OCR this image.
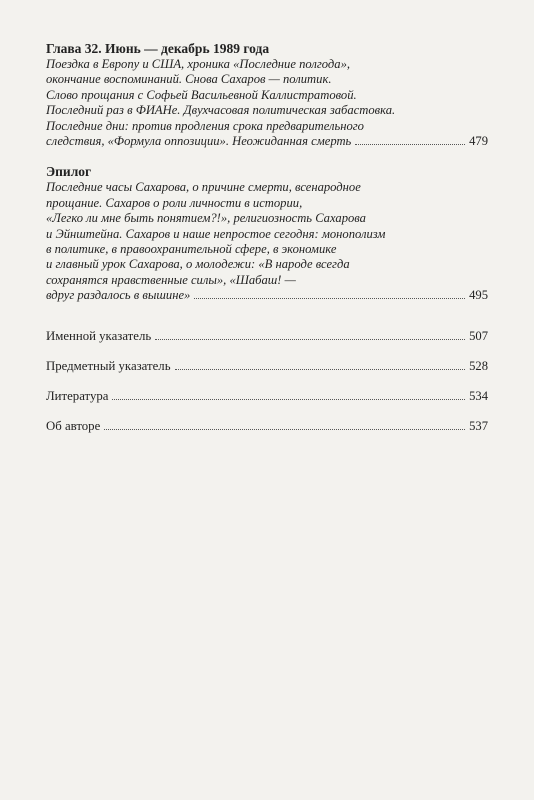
Глава 32. Июнь — декабрь 1989 года
Поездка в Европу и США, хроника «Последние полгода»,
окончание воспоминаний. Снова Сахаров — политик.
Слово прощания с Софьей Васильевной Каллистратовой.
Последний раз в ФИАНе. Двухчасовая политическая забастовка.
Последние дни: против продления срока предварительного
следствия, «Формула оппозиции». Неожиданная смерть	479
Эпилог
Последние часы Сахарова, о причине смерти, всенародное
прощание. Сахаров о роли личности в истории,
«Легко ли мне быть понятием?!», религиозность Сахарова
и Эйнштейна. Сахаров и наше непростое сегодня: монополизм
в политике, в правоохранительной сфере, в экономике
и главный урок Сахарова, о молодежи: «В народе всегда
сохранятся нравственные силы», «Шабаш! —
вдруг раздалось в вышине»	495
Именной указатель	507
Предметный указатель	528
Литература	534
Об авторе	537
